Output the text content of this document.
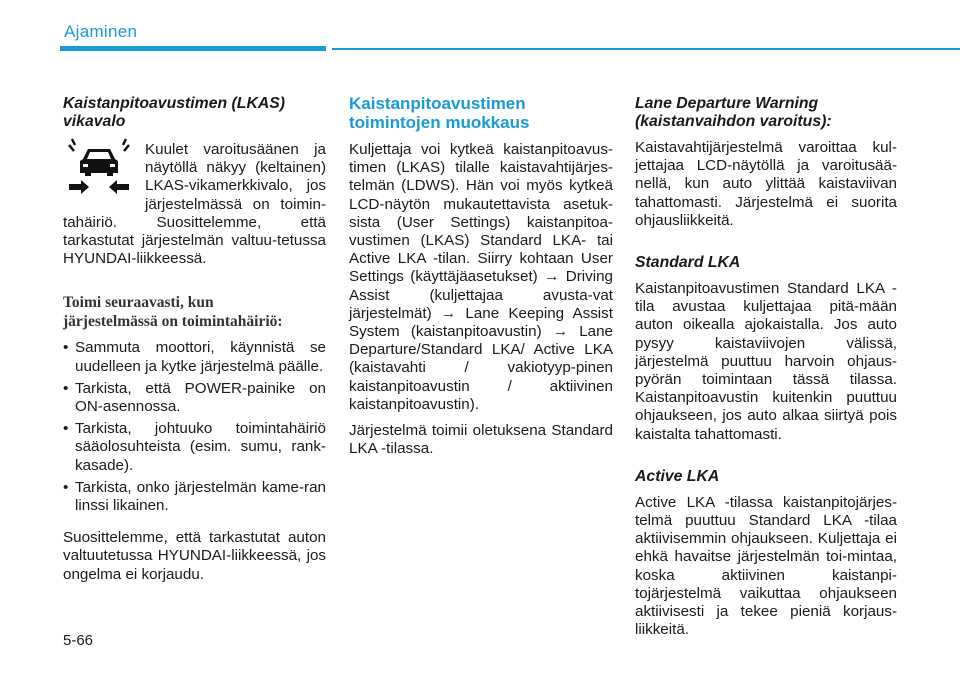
Ajaminen
Kaistanpitoavustimen (LKAS)
vikavalo

Kuulet varoitusäänen ja näytöllä näkyy (keltainen) LKAS-vikamerkkivalo, jos järjestelmässä on toimin-tahäiriö. Suosittelemme, että tarkastutat järjestelmän valtuu-tetussa HYUNDAI-liikkeessä.

Toimi seuraavasti, kun
järjestelmässä on toimintahäiriö:
• Sammuta moottori, käynnistä se uudelleen ja kytke järjestelmä päälle.
• Tarkista, että POWER-painike on ON-asennossa.
• Tarkista, johtuuko toimintahäiriö sääolosuhteista (esim. sumu, rank-kasade).
• Tarkista, onko järjestelmän kame-ran linssi likainen.

Suosittelemme, että tarkastutat auton valtuutetussa HYUNDAI-liikkeessä, jos ongelma ei korjaudu.

Kaistanpitoavustimen
toimintojen muokkaus

Kuljettaja voi kytkeä kaistanpitoavus-timen (LKAS) tilalle kaistavahtijärjes-telmän (LDWS). Hän voi myös kytkeä LCD-näytön mukautettavista asetuk-sista (User Settings) kaistanpitoa-vustimen (LKAS) Standard LKA- tai Active LKA -tilan. Siirry kohtaan User Settings (käyttäjäasetukset) → Driving Assist (kuljettajaa avusta-vat järjestelmät) → Lane Keeping Assist System (kaistanpitoavustin) → Lane Departure/Standard LKA/ Active LKA (kaistavahti / vakiotyyp-pinen kaistanpitoavustin / aktiivinen kaistanpitoavustin).

Järjestelmä toimii oletuksena Standard LKA -tilassa.

Lane Departure Warning
(kaistanvaihdon varoitus):

Kaistavahtijärjestelmä varoittaa kul-jettajaa LCD-näytöllä ja varoitusää-nellä, kun auto ylittää kaistaviivan tahattomasti. Järjestelmä ei suorita ohjausliikkeitä.

Standard LKA

Kaistanpitoavustimen Standard LKA -tila avustaa kuljettajaa pitä-mään auton oikealla ajokaistalla. Jos auto pysyy kaistaviivojen välissä, järjestelmä puuttuu harvoin ohjaus-pyörän toimintaan tässä tilassa. Kaistanpitoavustin kuitenkin puuttuu ohjaukseen, jos auto alkaa siirtyä pois kaistalta tahattomasti.

Active LKA

Active LKA -tilassa kaistanpitojärjes-telmä puuttuu Standard LKA -tilaa aktiivisemmin ohjaukseen. Kuljettaja ei ehkä havaitse järjestelmän toi-mintaa, koska aktiivinen kaistanpi-tojärjestelmä vaikuttaa ohjaukseen aktiivisesti ja tekee pieniä korjaus-liikkeitä.

5-66
